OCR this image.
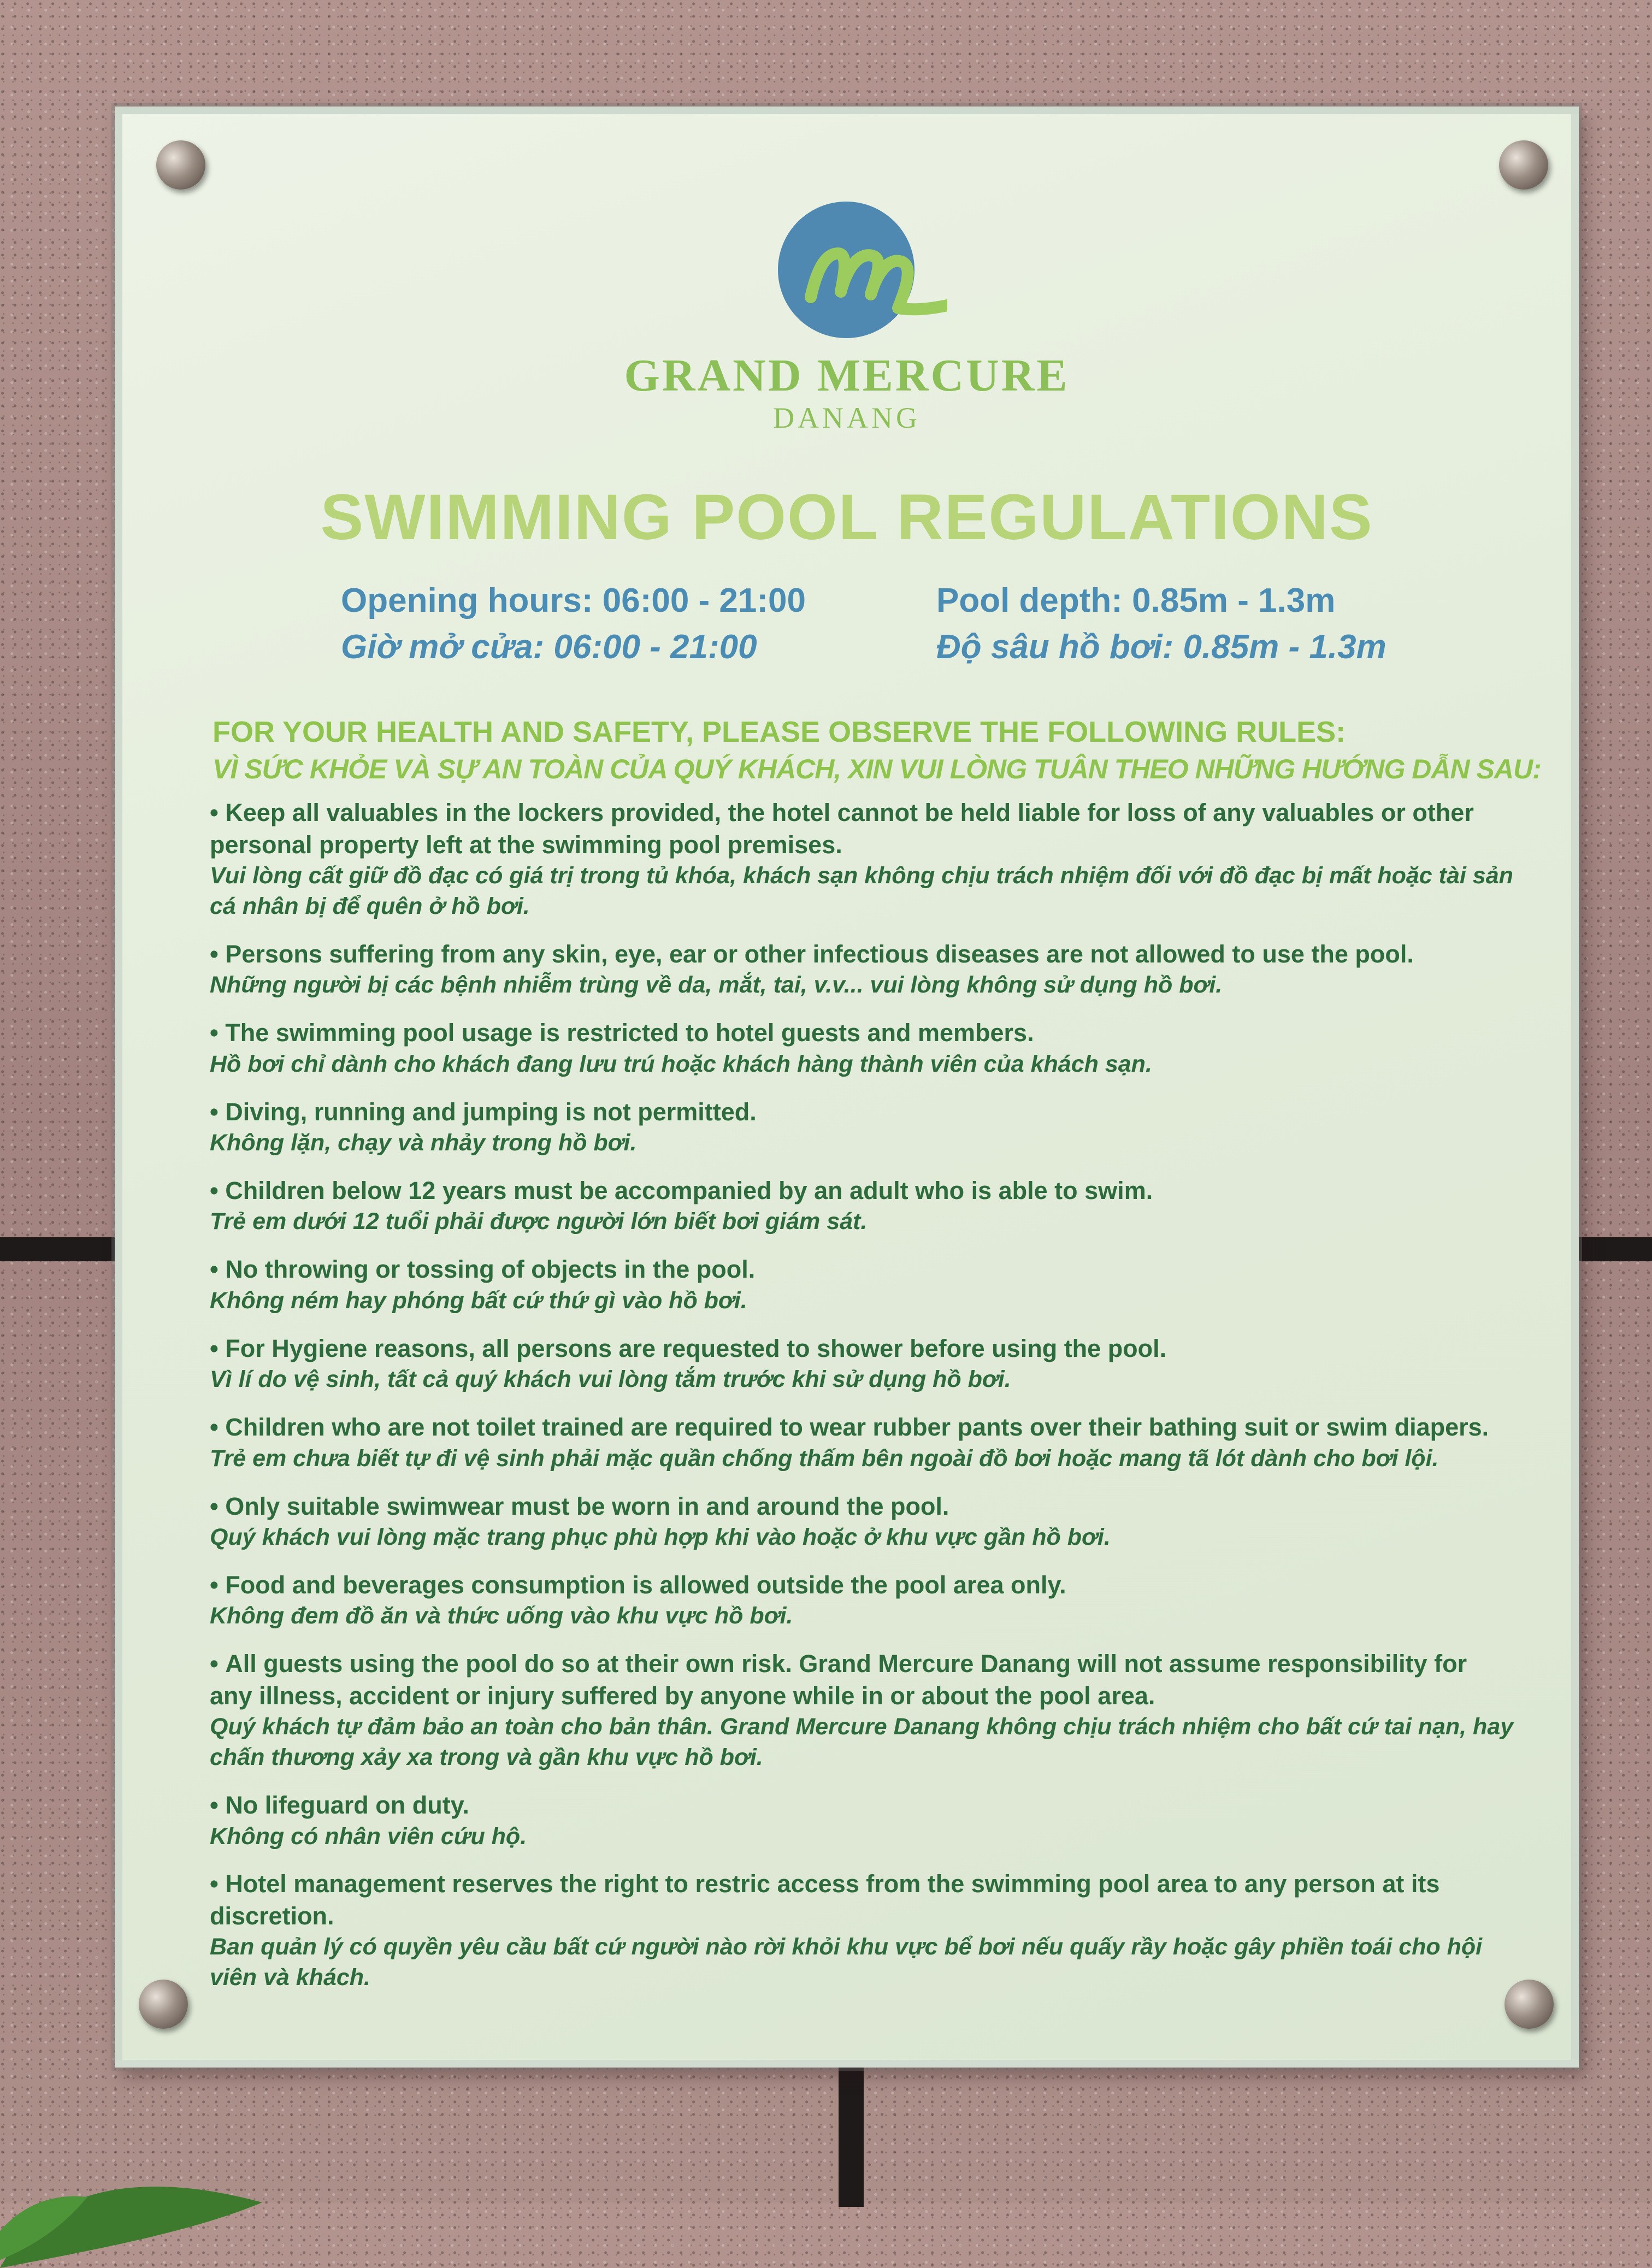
GRAND MERCURE
DANANG
SWIMMING POOL REGULATIONS
Opening hours: 06:00 - 21:00
Giờ mở cửa: 06:00 - 21:00
Pool depth: 0.85m - 1.3m
Độ sâu hồ bơi: 0.85m - 1.3m
FOR YOUR HEALTH AND SAFETY, PLEASE OBSERVE THE FOLLOWING RULES:
VÌ SỨC KHỎE VÀ SỰ AN TOÀN CỦA QUÝ KHÁCH, XIN VUI LÒNG TUÂN THEO NHỮNG HƯỚNG DẪN SAU:

• Keep all valuables in the lockers provided, the hotel cannot be held liable for loss of any valuables or other personal property left at the swimming pool premises.

Vui lòng cất giữ đồ đạc có giá trị trong tủ khóa, khách sạn không chịu trách nhiệm đối với đồ đạc bị mất hoặc tài sản cá nhân bị để quên ở hồ bơi.

• Persons suffering from any skin, eye, ear or other infectious diseases are not allowed to use the pool.

Những người bị các bệnh nhiễm trùng về da, mắt, tai, v.v... vui lòng không sử dụng hồ bơi.

• The swimming pool usage is restricted to hotel guests and members.

Hồ bơi chỉ dành cho khách đang lưu trú hoặc khách hàng thành viên của khách sạn.

• Diving, running and jumping is not permitted.

Không lặn, chạy và nhảy trong hồ bơi.

• Children below 12 years must be accompanied by an adult who is able to swim.

Trẻ em dưới 12 tuổi phải được người lớn biết bơi giám sát.

• No throwing or tossing of objects in the pool.

Không ném hay phóng bất cứ thứ gì vào hồ bơi.

• For Hygiene reasons, all persons are requested to shower before using the pool.

Vì lí do vệ sinh, tất cả quý khách vui lòng tắm trước khi sử dụng hồ bơi.

• Children who are not toilet trained are required to wear rubber pants over their bathing suit or swim diapers.

Trẻ em chưa biết tự đi vệ sinh phải mặc quần chống thấm bên ngoài đồ bơi hoặc mang tã lót dành cho bơi lội.

• Only suitable swimwear must be worn in and around the pool.

Quý khách vui lòng mặc trang phục phù hợp khi vào hoặc ở khu vực gần hồ bơi.

• Food and beverages consumption is allowed outside the pool area only.

Không đem đồ ăn và thức uống vào khu vực hồ bơi.

• All guests using the pool do so at their own risk. Grand Mercure Danang will not assume responsibility for any illness, accident or injury suffered by anyone while in or about the pool area.

Quý khách tự đảm bảo an toàn cho bản thân. Grand Mercure Danang không chịu trách nhiệm cho bất cứ tai nạn, hay chấn thương xảy xa trong và gần khu vực hồ bơi.

• No lifeguard on duty.

Không có nhân viên cứu hộ.

• Hotel management reserves the right to restric access from the swimming pool area to any person at its discretion.

Ban quản lý có quyền yêu cầu bất cứ người nào rời khỏi khu vực bể bơi nếu quấy rầy hoặc gây phiền toái cho hội viên và khách.
